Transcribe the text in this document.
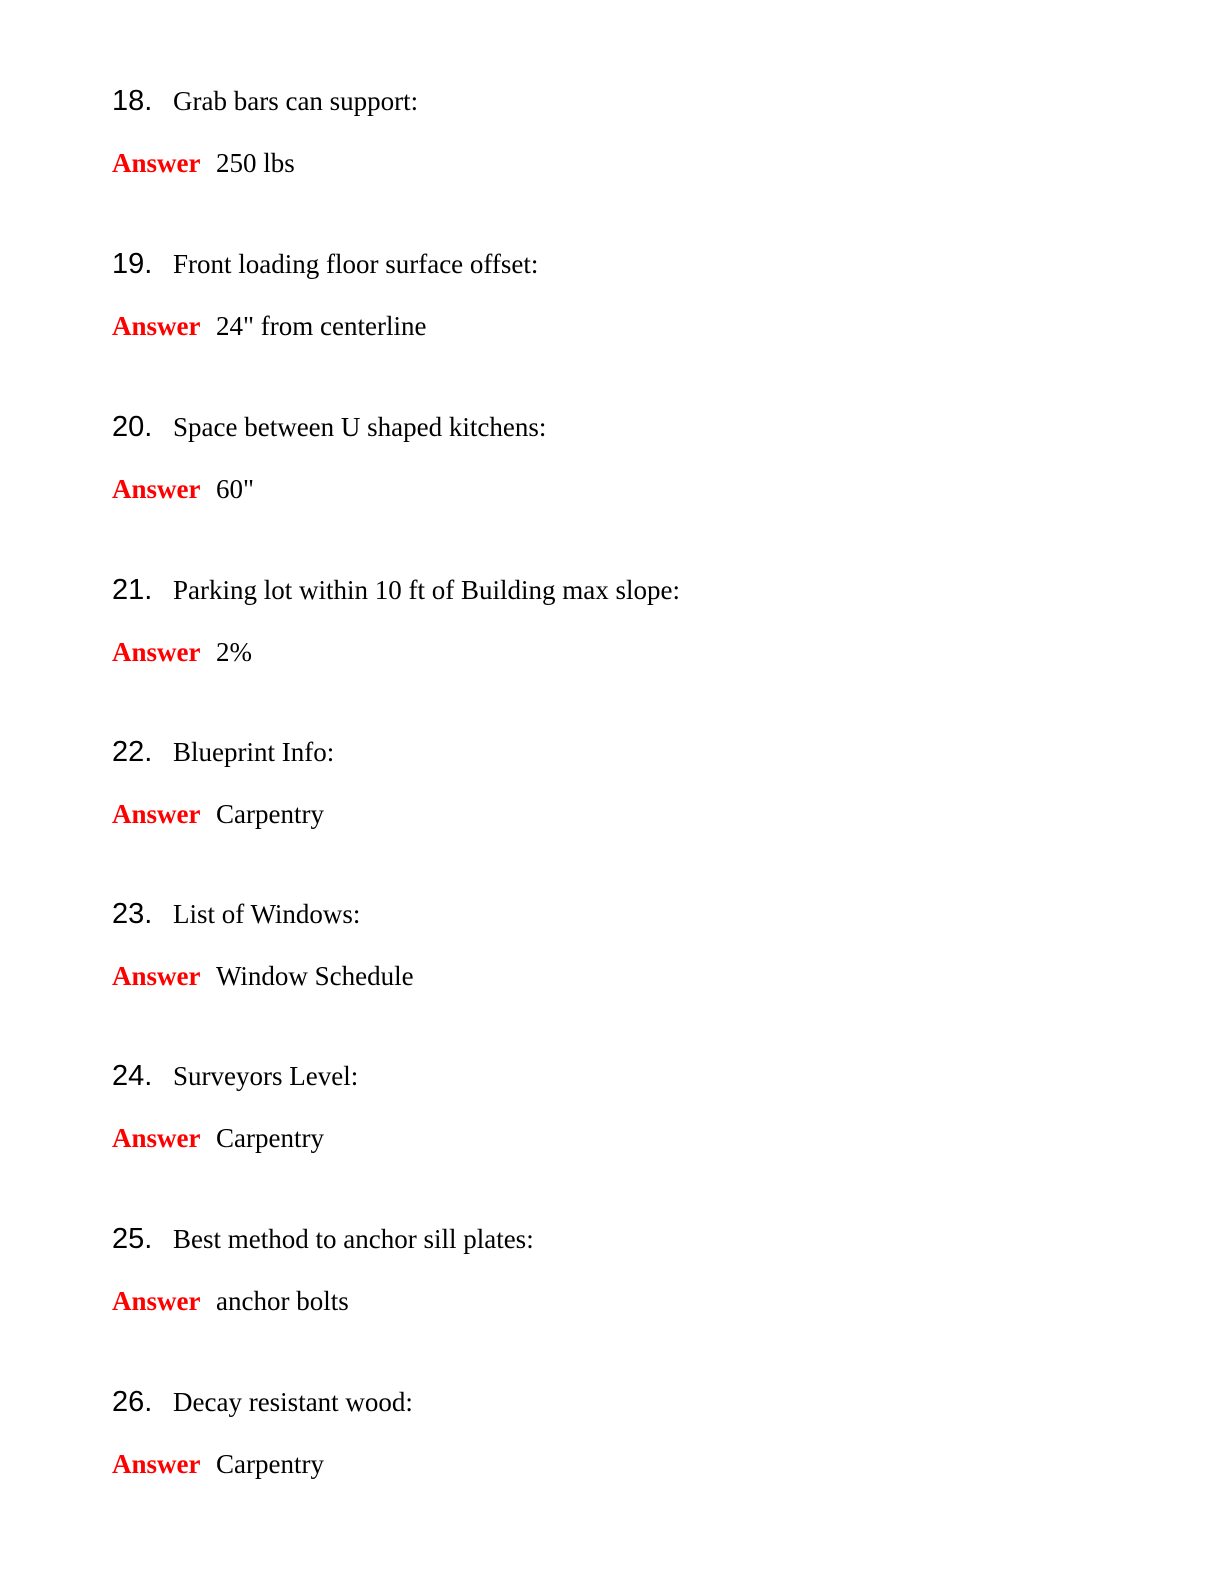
18. Grab bars can support:
Answer 250 lbs
19. Front loading floor surface offset:
Answer 24" from centerline
20. Space between U shaped kitchens:
Answer 60"
21. Parking lot within 10 ft of Building max slope:
Answer 2%
22. Blueprint Info:
Answer Carpentry
23. List of Windows:
Answer Window Schedule
24. Surveyors Level:
Answer Carpentry
25. Best method to anchor sill plates:
Answer anchor bolts
26. Decay resistant wood:
Answer Carpentry
